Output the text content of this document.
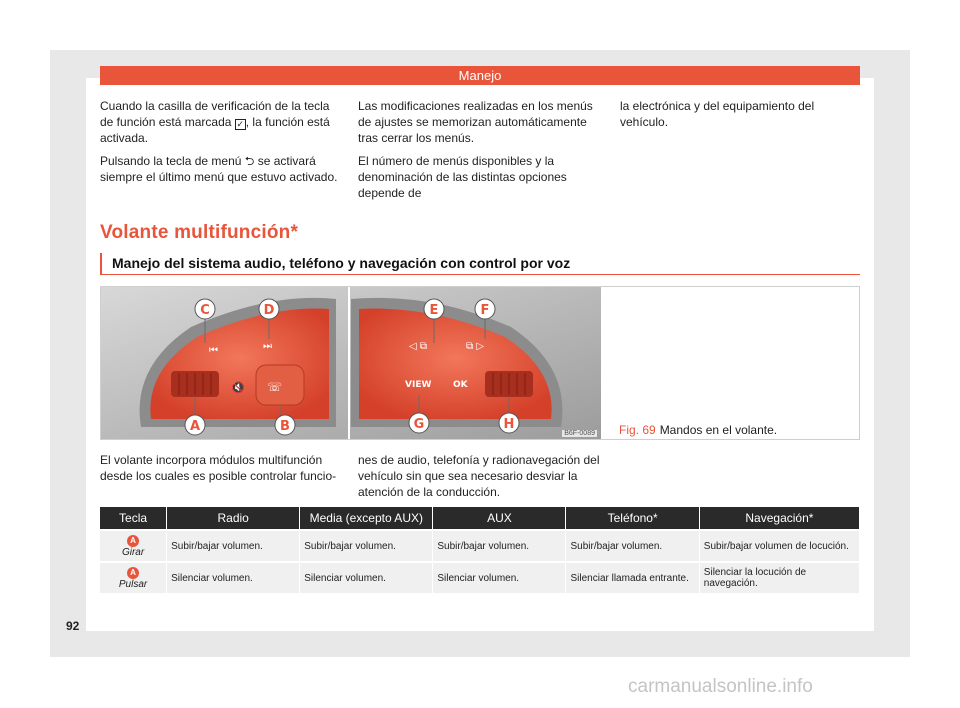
Manejo

Cuando la casilla de verificación de la tecla de función está marcada ✓ , la función está activada.

Pulsando la tecla de menú ⮌ se activará siempre el último menú que estuvo activado.

Las modificaciones realizadas en los menús de ajustes se memorizan automáticamente tras cerrar los menús.

El número de menús disponibles y la denominación de las distintas opciones depende de

la electrónica y del equipamiento del vehículo.

Volante multifunción*
Manejo del sistema audio, teléfono y navegación con control por voz
⏮	⏭
🔇 ☏	VIEW OK
◁ ⧉	⧉ ▷
C	D	E	F
A	B	G	H
B6F-0089 Fig. 69 Mandos en el volante.

El volante incorpora módulos multifunción desde los cuales es posible controlar funcio-

nes de audio, telefonía y radionavegación del vehículo sin que sea necesario desviar la atención de la conducción.

Tecla	Radio	Media (excepto AUX)	AUX	Teléfono*	Navegación*
A
Girar	Subir/bajar volumen.	Subir/bajar volumen.	Subir/bajar volumen.	Subir/bajar volumen.	Subir/bajar volumen de locución.
A
Pulsar	Silenciar volumen.	Silenciar volumen.	Silenciar volumen.	Silenciar llamada entrante.	Silenciar la locución de navegación.
92
carmanualsonline.info
